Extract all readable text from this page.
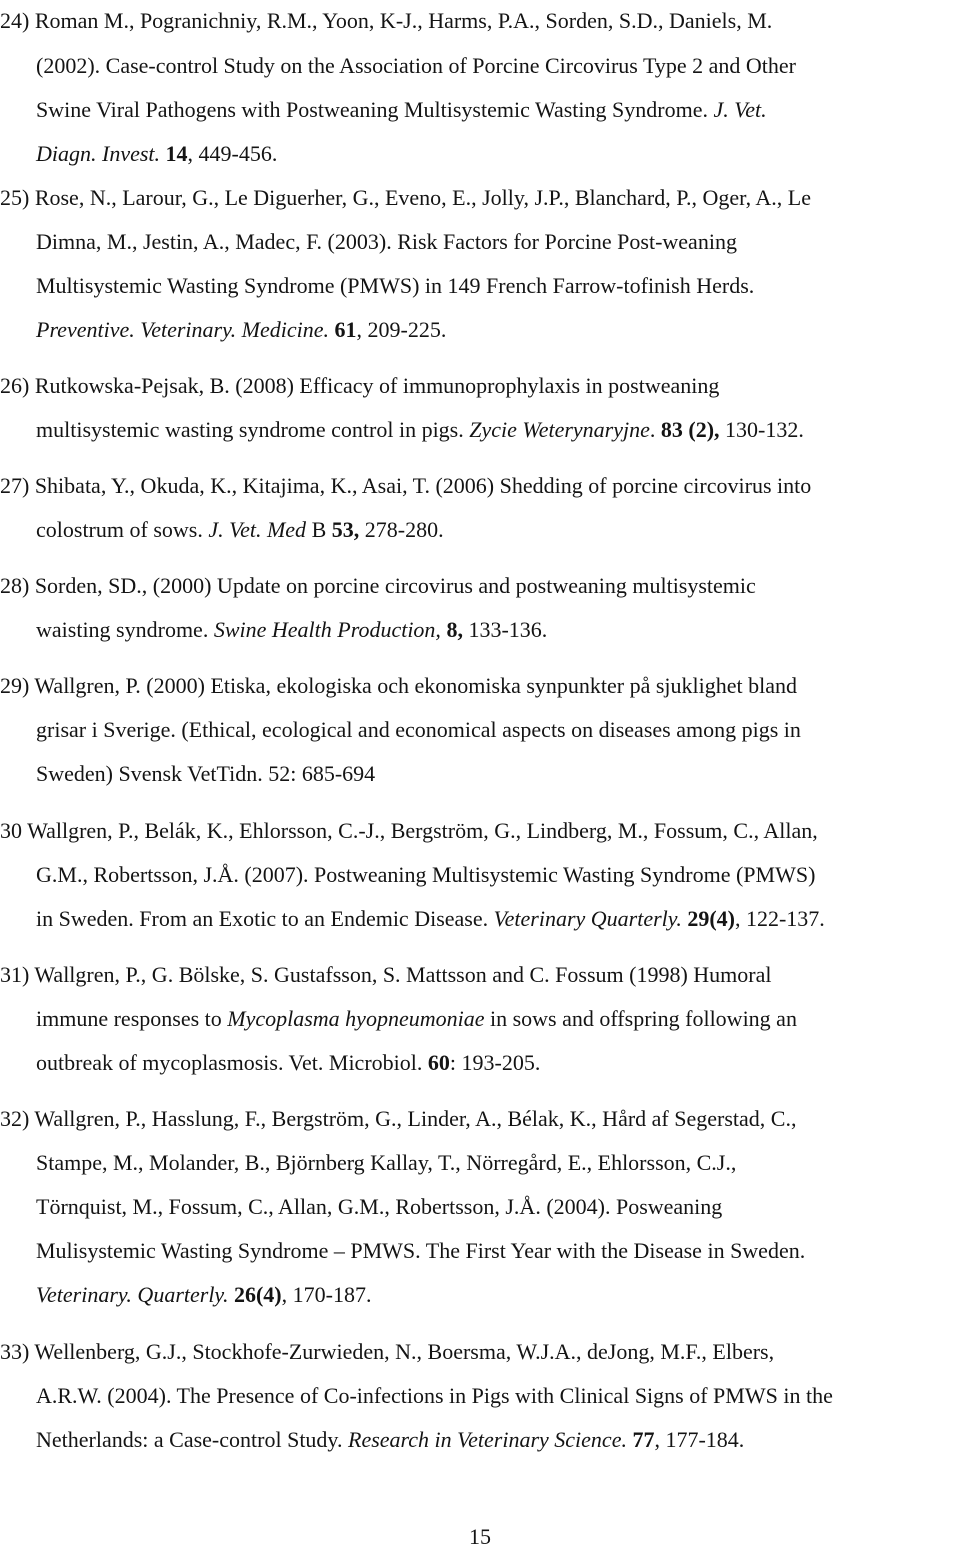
24) Roman M., Pogranichniy, R.M., Yoon, K-J., Harms, P.A., Sorden, S.D., Daniels, M.
(2002). Case-control Study on the Association of Porcine Circovirus Type 2 and Other
Swine Viral Pathogens with Postweaning Multisystemic Wasting Syndrome. J. Vet.
Diagn. Invest. 14, 449-456.
25) Rose, N., Larour, G., Le Diguerher, G., Eveno, E., Jolly, J.P., Blanchard, P., Oger, A., Le
Dimna, M., Jestin, A., Madec, F. (2003). Risk Factors for Porcine Post-weaning
Multisystemic Wasting Syndrome (PMWS) in 149 French Farrow-tofinish Herds.
Preventive. Veterinary. Medicine. 61, 209-225.
26) Rutkowska-Pejsak, B. (2008) Efficacy of immunoprophylaxis in postweaning
multisystemic wasting syndrome control in pigs. Zycie Weterynaryjne. 83 (2), 130-132.
27) Shibata, Y., Okuda, K., Kitajima, K., Asai, T. (2006) Shedding of porcine circovirus into
colostrum of sows. J. Vet. Med B 53, 278-280.
28) Sorden, SD., (2000) Update on porcine circovirus and postweaning multisystemic
waisting syndrome. Swine Health Production, 8, 133-136.
29) Wallgren, P. (2000) Etiska, ekologiska och ekonomiska synpunkter på sjuklighet bland
grisar i Sverige. (Ethical, ecological and economical aspects on diseases among pigs in
Sweden) Svensk VetTidn. 52: 685-694
30 Wallgren, P., Belák, K., Ehlorsson, C.-J., Bergström, G., Lindberg, M., Fossum, C., Allan,
G.M., Robertsson, J.Å. (2007). Postweaning Multisystemic Wasting Syndrome (PMWS)
in Sweden. From an Exotic to an Endemic Disease. Veterinary Quarterly. 29(4), 122-137.
31) Wallgren, P., G. Bölske, S. Gustafsson, S. Mattsson and C. Fossum (1998) Humoral
immune responses to Mycoplasma hyopneumoniae in sows and offspring following an
outbreak of mycoplasmosis. Vet. Microbiol. 60: 193-205.
32) Wallgren, P., Hasslung, F., Bergström, G., Linder, A., Bélak, K., Hård af Segerstad, C.,
Stampe, M., Molander, B., Björnberg Kallay, T., Nörregård, E., Ehlorsson, C.J.,
Törnquist, M., Fossum, C., Allan, G.M., Robertsson, J.Å. (2004). Posweaning
Mulisystemic Wasting Syndrome – PMWS. The First Year with the Disease in Sweden.
Veterinary. Quarterly. 26(4), 170-187.
33) Wellenberg, G.J., Stockhofe-Zurwieden, N., Boersma, W.J.A., deJong, M.F., Elbers,
A.R.W. (2004). The Presence of Co-infections in Pigs with Clinical Signs of PMWS in the
Netherlands: a Case-control Study. Research in Veterinary Science. 77, 177-184.
15
